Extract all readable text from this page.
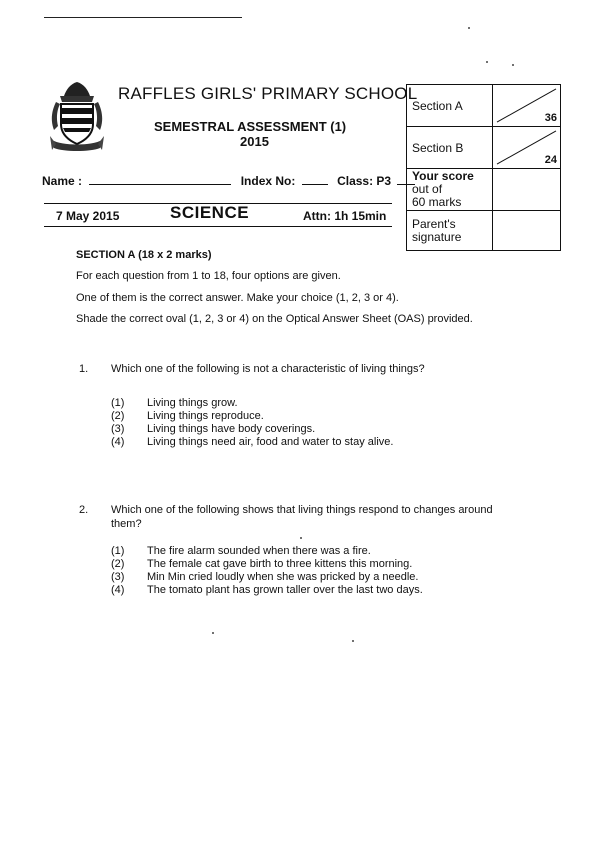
RAFFLES GIRLS' PRIMARY SCHOOL
SEMESTRAL ASSESSMENT (1)
2015
Name :	Index No:	Class: P3
7 May 2015	SCIENCE	Attn: 1h 15min
Section A	36

Section B	24

Your score
out of
60 marks	

Parent's
signature	

SECTION A (18 x 2 marks)
For each question from 1 to 18, four options are given.
One of them is the correct answer. Make your choice (1, 2, 3 or 4).
Shade the correct oval (1, 2, 3 or 4) on the Optical Answer Sheet (OAS) provided.
1. Which one of the following is not a characteristic of living things?
(1) Living things grow.
(2) Living things reproduce.
(3) Living things have body coverings.
(4) Living things need air, food and water to stay alive.
2. Which one of the following shows that living things respond to changes around them?
(1) The fire alarm sounded when there was a fire.
(2) The female cat gave birth to three kittens this morning.
(3) Min Min cried loudly when she was pricked by a needle.
(4) The tomato plant has grown taller over the last two days.
